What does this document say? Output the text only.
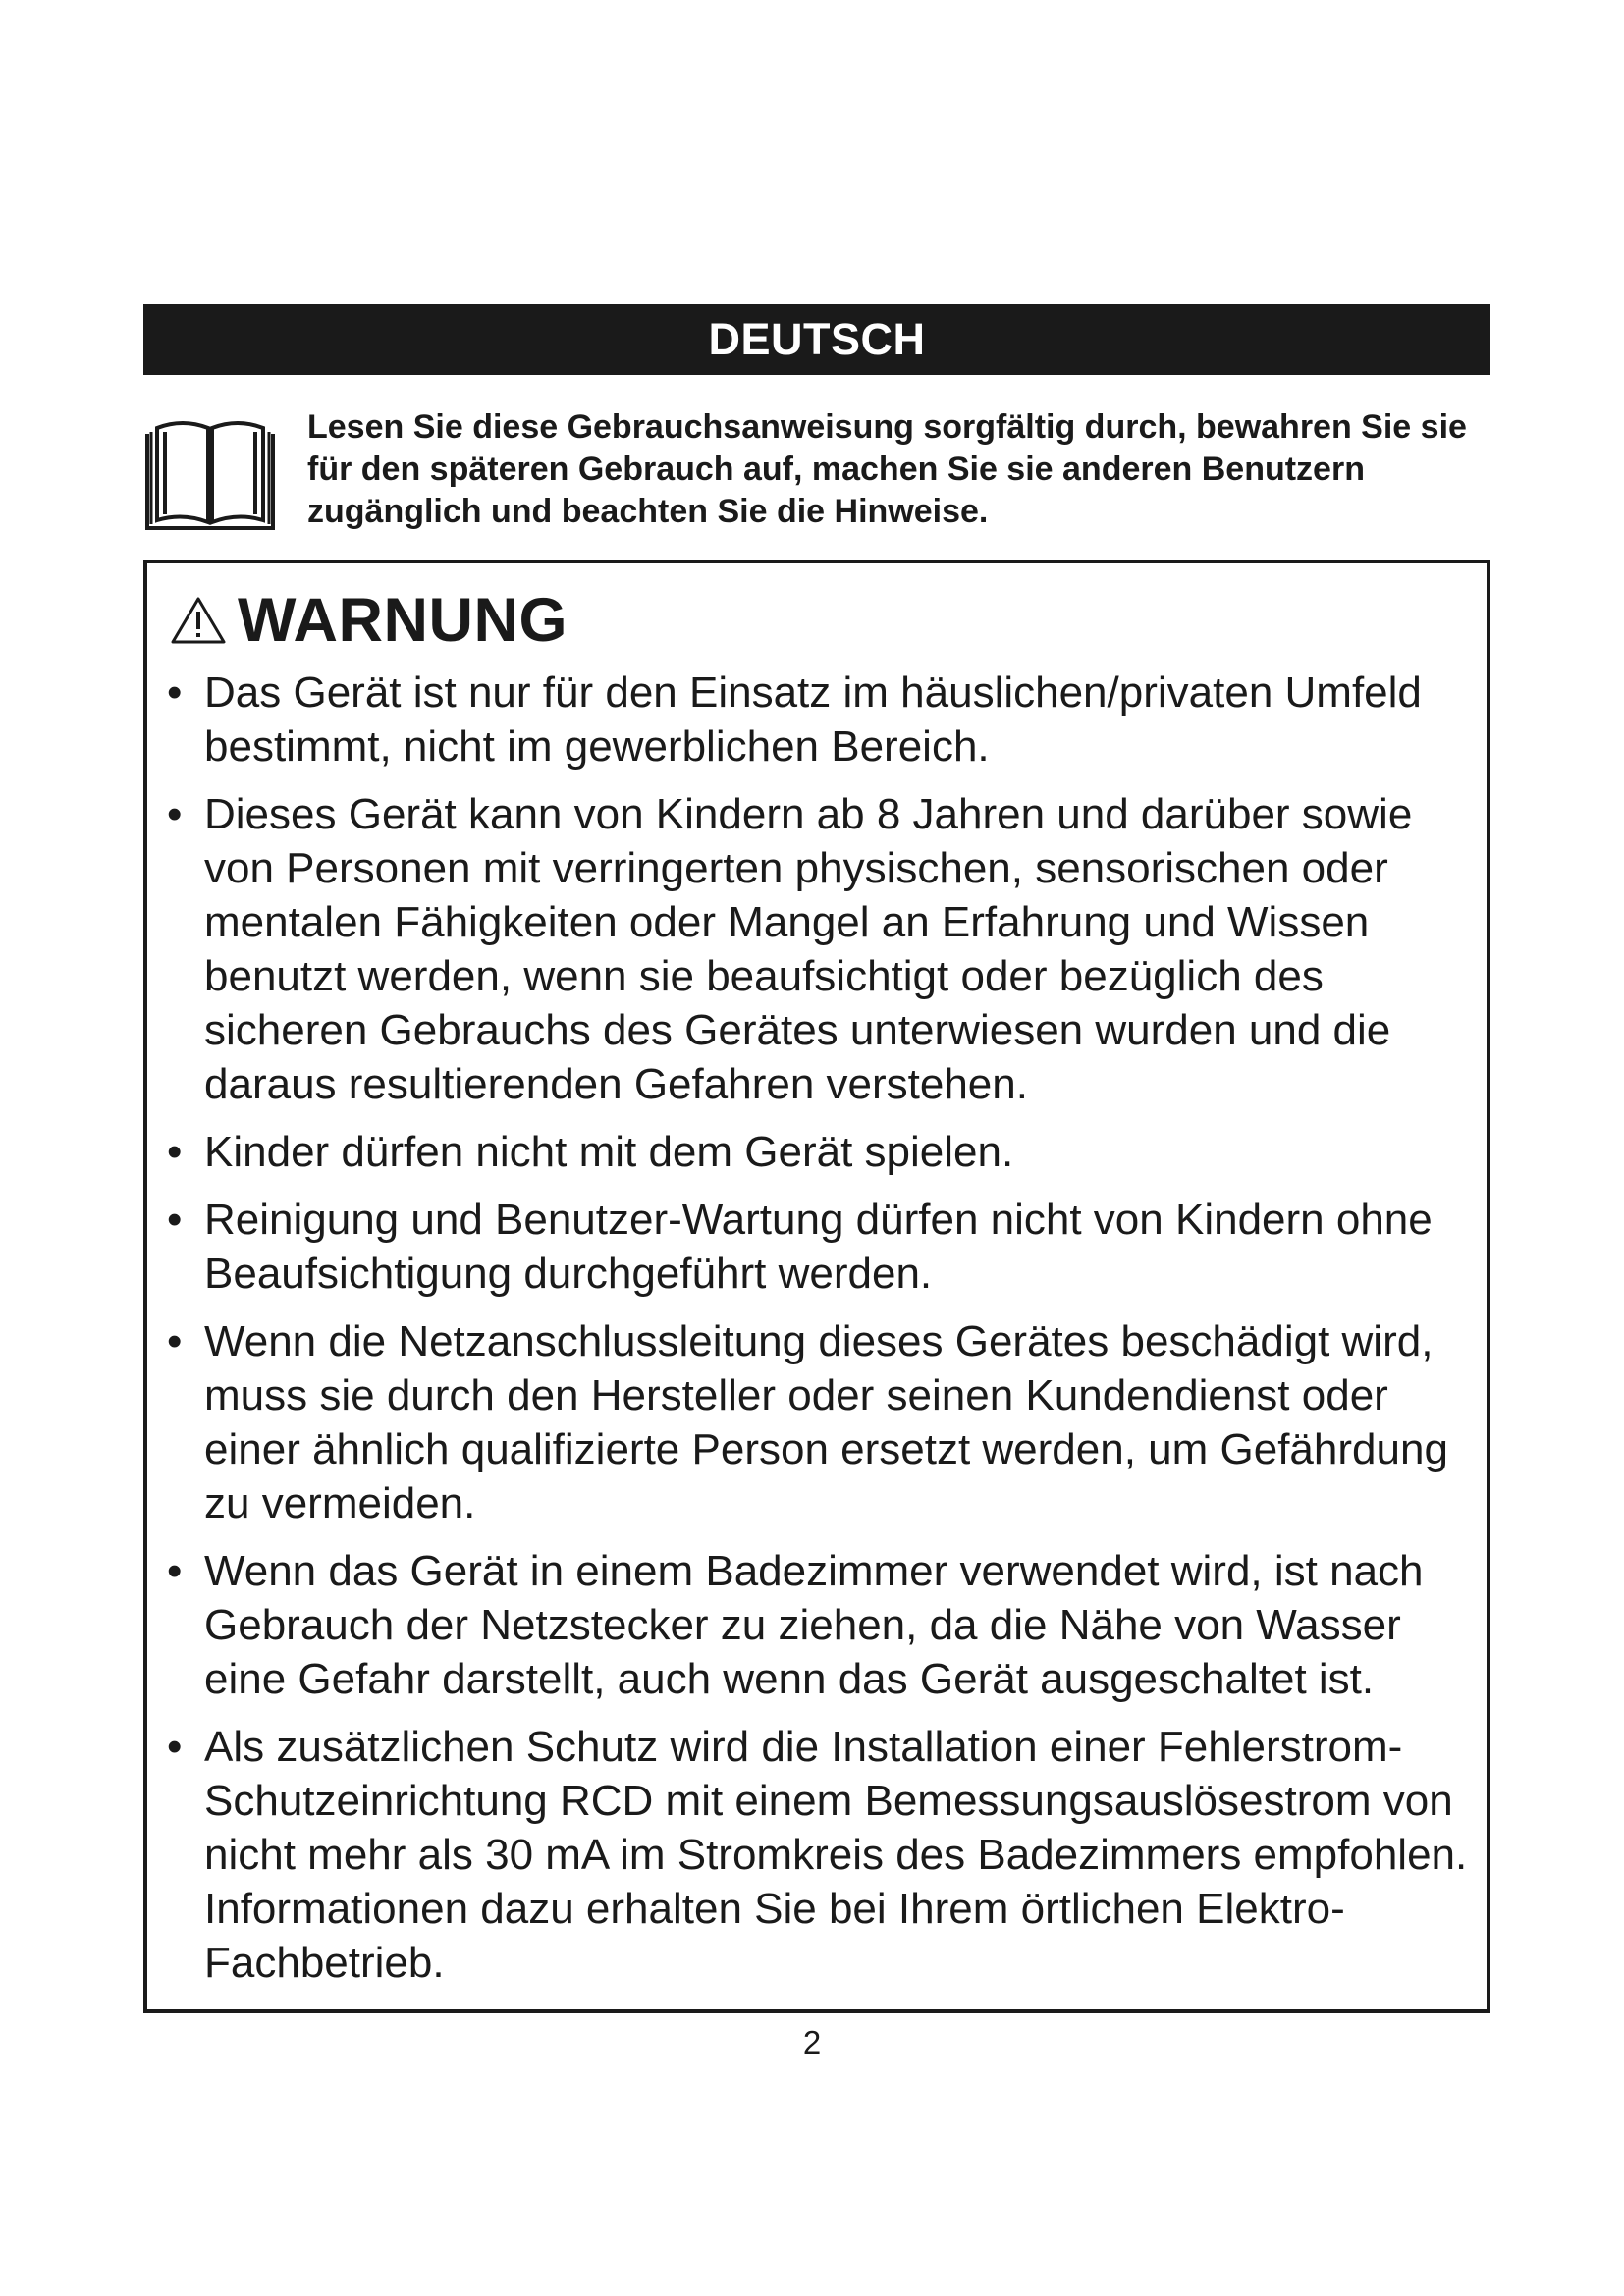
DEUTSCH

Lesen Sie diese Gebrauchsanweisung sorgfältig durch, bewahren Sie sie für den späteren Gebrauch auf, machen Sie sie anderen Benutzern zugänglich und beachten Sie die Hinweise.

WARNUNG
• Das Gerät ist nur für den Einsatz im häuslichen/privaten Umfeld bestimmt, nicht im gewerblichen Bereich.
• Dieses Gerät kann von Kindern ab 8 Jahren und darüber sowie von Personen mit verringerten physischen, sensorischen oder mentalen Fähigkeiten oder Mangel an Erfahrung und Wissen benutzt werden, wenn sie beaufsichtigt oder bezüglich des sicheren Gebrauchs des Gerätes unterwiesen wurden und die daraus resultierenden Gefahren verstehen.
• Kinder dürfen nicht mit dem Gerät spielen.
• Reinigung und Benutzer-Wartung dürfen nicht von Kindern ohne Beaufsichtigung durchgeführt werden.
• Wenn die Netzanschlussleitung dieses Gerätes beschädigt wird, muss sie durch den Hersteller oder seinen Kundendienst oder einer ähnlich qualifizierte Person ersetzt werden, um Gefährdung zu vermeiden.
• Wenn das Gerät in einem Badezimmer verwendet wird, ist nach Gebrauch der Netzstecker zu ziehen, da die Nähe von Wasser eine Gefahr darstellt, auch wenn das Gerät ausgeschaltet ist.
• Als zusätzlichen Schutz wird die Installation einer Fehlerstrom-Schutzeinrichtung RCD mit einem Bemessungsauslösestrom von nicht mehr als 30 mA im Stromkreis des Badezimmers empfohlen. Informationen dazu erhalten Sie bei Ihrem örtlichen Elektro-Fachbetrieb.
2
